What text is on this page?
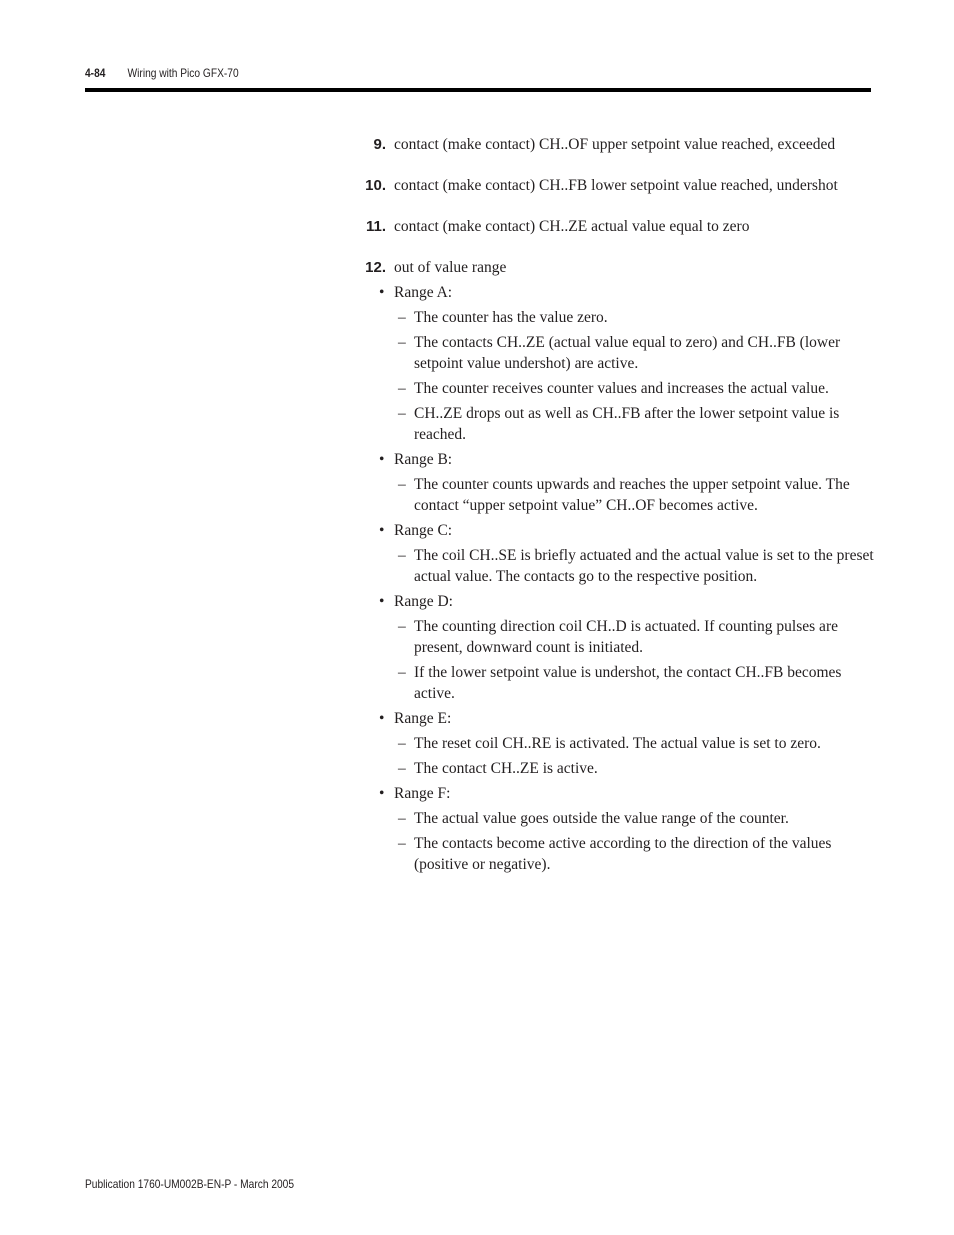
4-84 Wiring with Pico GFX-70
9. contact (make contact) CH..OF upper setpoint value reached, exceeded
10. contact (make contact) CH..FB lower setpoint value reached, undershot
11. contact (make contact) CH..ZE actual value equal to zero
12. out of value range
• Range A:
– The counter has the value zero.
– The contacts CH..ZE (actual value equal to zero) and CH..FB (lower setpoint value undershot) are active.
– The counter receives counter values and increases the actual value.
– CH..ZE drops out as well as CH..FB after the lower setpoint value is reached.
• Range B:
– The counter counts upwards and reaches the upper setpoint value. The contact “upper setpoint value” CH..OF becomes active.
• Range C:
– The coil CH..SE is briefly actuated and the actual value is set to the preset actual value. The contacts go to the respective position.
• Range D:
– The counting direction coil CH..D is actuated. If counting pulses are present, downward count is initiated.
– If the lower setpoint value is undershot, the contact CH..FB becomes active.
• Range E:
– The reset coil CH..RE is activated. The actual value is set to zero.
– The contact CH..ZE is active.
• Range F:
– The actual value goes outside the value range of the counter.
– The contacts become active according to the direction of the values (positive or negative).
Publication 1760-UM002B-EN-P - March 2005
